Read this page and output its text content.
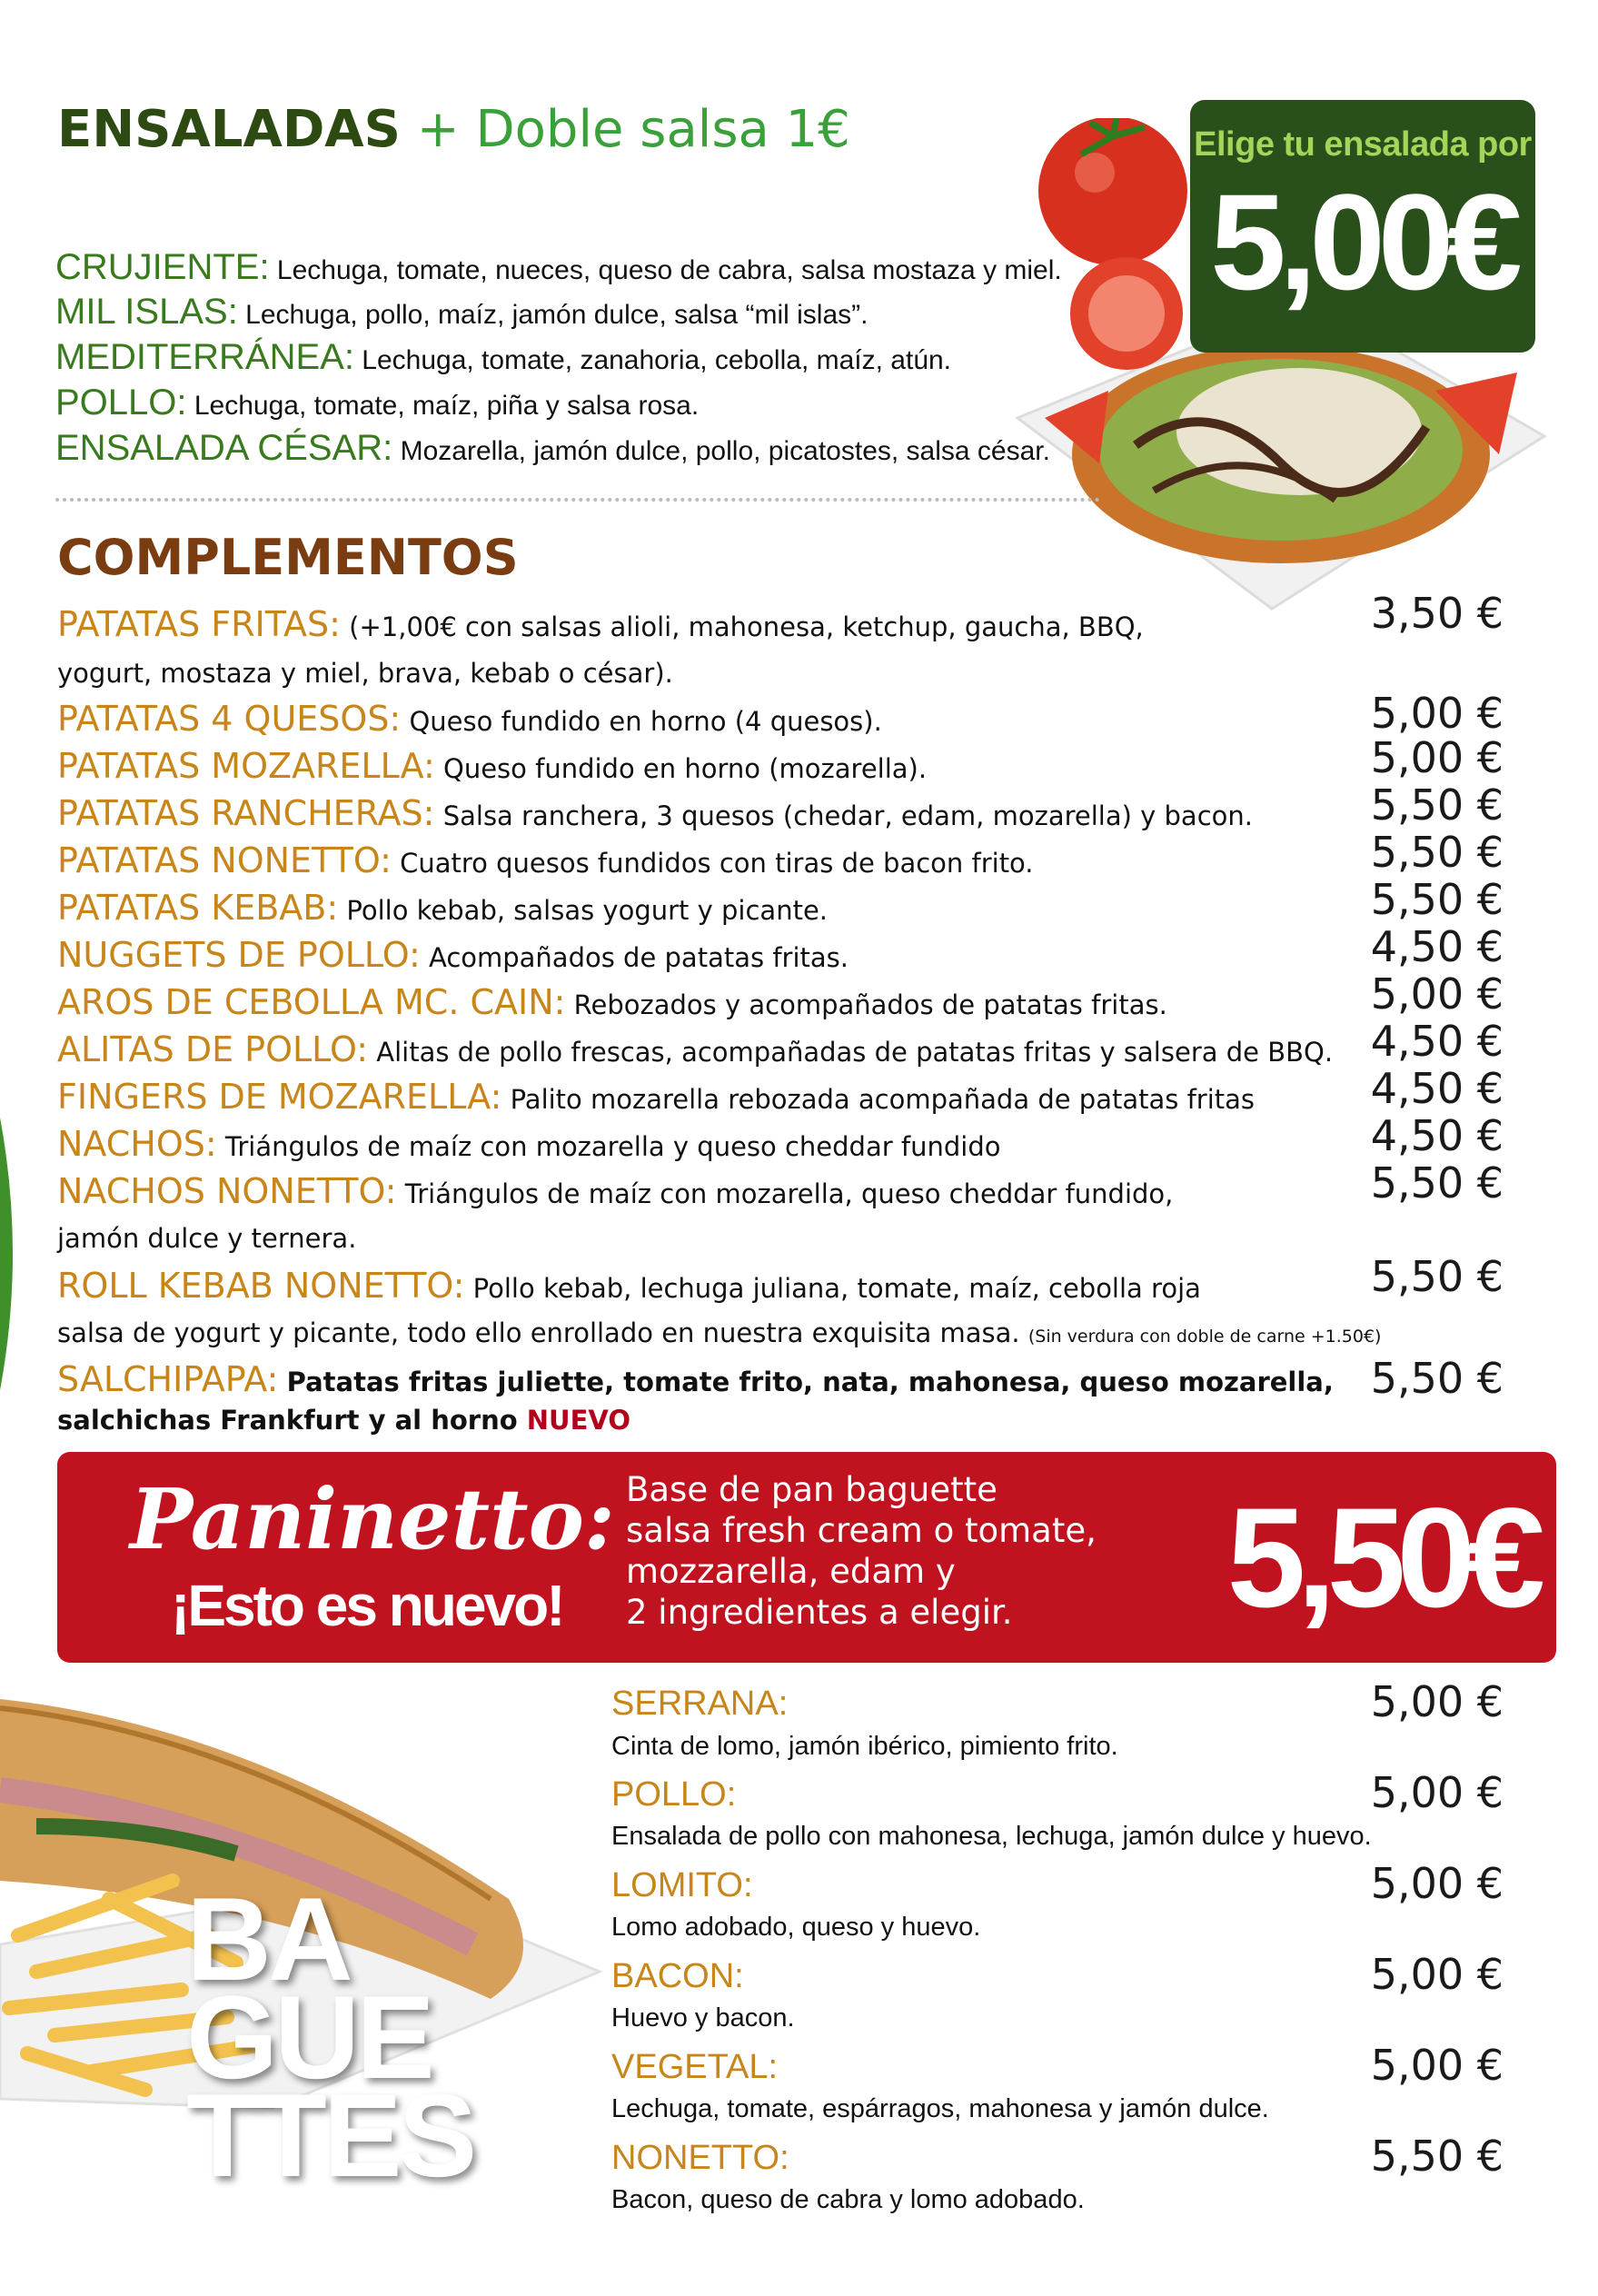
ENSALADAS + Doble salsa 1€	Elige tu ensalada por
5,00€
CRUJIENTE: Lechuga, tomate, nueces, queso de cabra, salsa mostaza y miel.
MIL ISLAS: Lechuga, pollo, maíz, jamón dulce, salsa “mil islas”.
MEDITERRÁNEA: Lechuga, tomate, zanahoria, cebolla, maíz, atún.
POLLO: Lechuga, tomate, maíz, piña y salsa rosa.
ENSALADA CÉSAR: Mozarella, jamón dulce, pollo, picatostes, salsa césar.
COMPLEMENTOS
PATATAS FRITAS: (+1,00€ con salsas alioli, mahonesa, ketchup, gaucha, BBQ,
yogurt, mostaza y miel, brava, kebab o césar).
3,50 €
PATATAS 4 QUESOS: Queso fundido en horno (4 quesos).	5,00 €
PATATAS MOZARELLA: Queso fundido en horno (mozarella).	5,00 €
PATATAS RANCHERAS: Salsa ranchera, 3 quesos (chedar, edam, mozarella) y bacon.	5,50 €
PATATAS NONETTO: Cuatro quesos fundidos con tiras de bacon frito.	5,50 €
PATATAS KEBAB: Pollo kebab, salsas yogurt y picante.	5,50 €
NUGGETS DE POLLO: Acompañados de patatas fritas.	4,50 €
AROS DE CEBOLLA MC. CAIN: Rebozados y acompañados de patatas fritas.	5,00 €
ALITAS DE POLLO: Alitas de pollo frescas, acompañadas de patatas fritas y salsera de BBQ. 4,50 €
FINGERS DE MOZARELLA: Palito mozarella rebozada acompañada de patatas fritas	4,50 €
NACHOS: Triángulos de maíz con mozarella y queso cheddar fundido	4,50 €
NACHOS NONETTO: Triángulos de maíz con mozarella, queso cheddar fundido,
jamón dulce y ternera.
5,50 €
ROLL KEBAB NONETTO: Pollo kebab, lechuga juliana, tomate, maíz, cebolla roja
salsa de yogurt y picante, todo ello enrollado en nuestra exquisita masa. (Sin verdura con doble de carne +1.50€)
5,50 €
SALCHIPAPA: Patatas fritas juliette, tomate frito, nata, mahonesa, queso mozarella,
salchichas Frankfurt y al horno NUEVO
5,50 €
Paninetto:
¡Esto es nuevo!
Base de pan baguette
salsa fresh cream o tomate,
mozzarella, edam y
2 ingredientes a elegir. 5,50€
BA
GUE
TTES
SERRANA:
Cinta de lomo, jamón ibérico, pimiento frito.
5,00 €
POLLO:
Ensalada de pollo con mahonesa, lechuga, jamón dulce y huevo.
5,00 €
LOMITO:
Lomo adobado, queso y huevo.
5,00 €
BACON:
Huevo y bacon.
5,00 €
VEGETAL:
Lechuga, tomate, espárragos, mahonesa y jamón dulce.
5,00 €
NONETTO:
Bacon, queso de cabra y lomo adobado.
5,50 €
